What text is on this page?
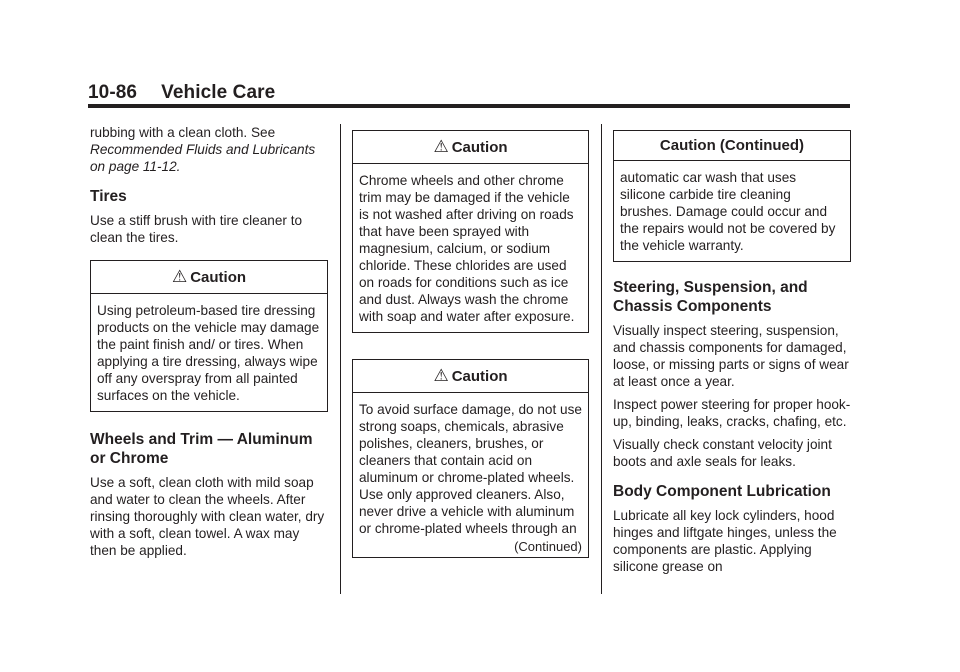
10-86 Vehicle Care

rubbing with a clean cloth. See Recommended Fluids and Lubricants on page 11-12.

Tires

Use a stiff brush with tire cleaner to clean the tires.

⚠ Caution

Using petroleum-based tire dressing products on the vehicle may damage the paint finish and/ or tires. When applying a tire dressing, always wipe off any overspray from all painted surfaces on the vehicle.

Wheels and Trim — Aluminum or Chrome

Use a soft, clean cloth with mild soap and water to clean the wheels. After rinsing thoroughly with clean water, dry with a soft, clean towel. A wax may then be applied.

⚠ Caution

Chrome wheels and other chrome trim may be damaged if the vehicle is not washed after driving on roads that have been sprayed with magnesium, calcium, or sodium chloride. These chlorides are used on roads for conditions such as ice and dust. Always wash the chrome with soap and water after exposure.

⚠ Caution

To avoid surface damage, do not use strong soaps, chemicals, abrasive polishes, cleaners, brushes, or cleaners that contain acid on aluminum or chrome-plated wheels. Use only approved cleaners. Also, never drive a vehicle with aluminum or chrome-plated wheels through an

(Continued)
Caution (Continued)

automatic car wash that uses silicone carbide tire cleaning brushes. Damage could occur and the repairs would not be covered by the vehicle warranty.

Steering, Suspension, and Chassis Components

Visually inspect steering, suspension, and chassis components for damaged, loose, or missing parts or signs of wear at least once a year.

Inspect power steering for proper hook-up, binding, leaks, cracks, chafing, etc.

Visually check constant velocity joint boots and axle seals for leaks.

Body Component Lubrication

Lubricate all key lock cylinders, hood hinges and liftgate hinges, unless the components are plastic. Applying silicone grease on
